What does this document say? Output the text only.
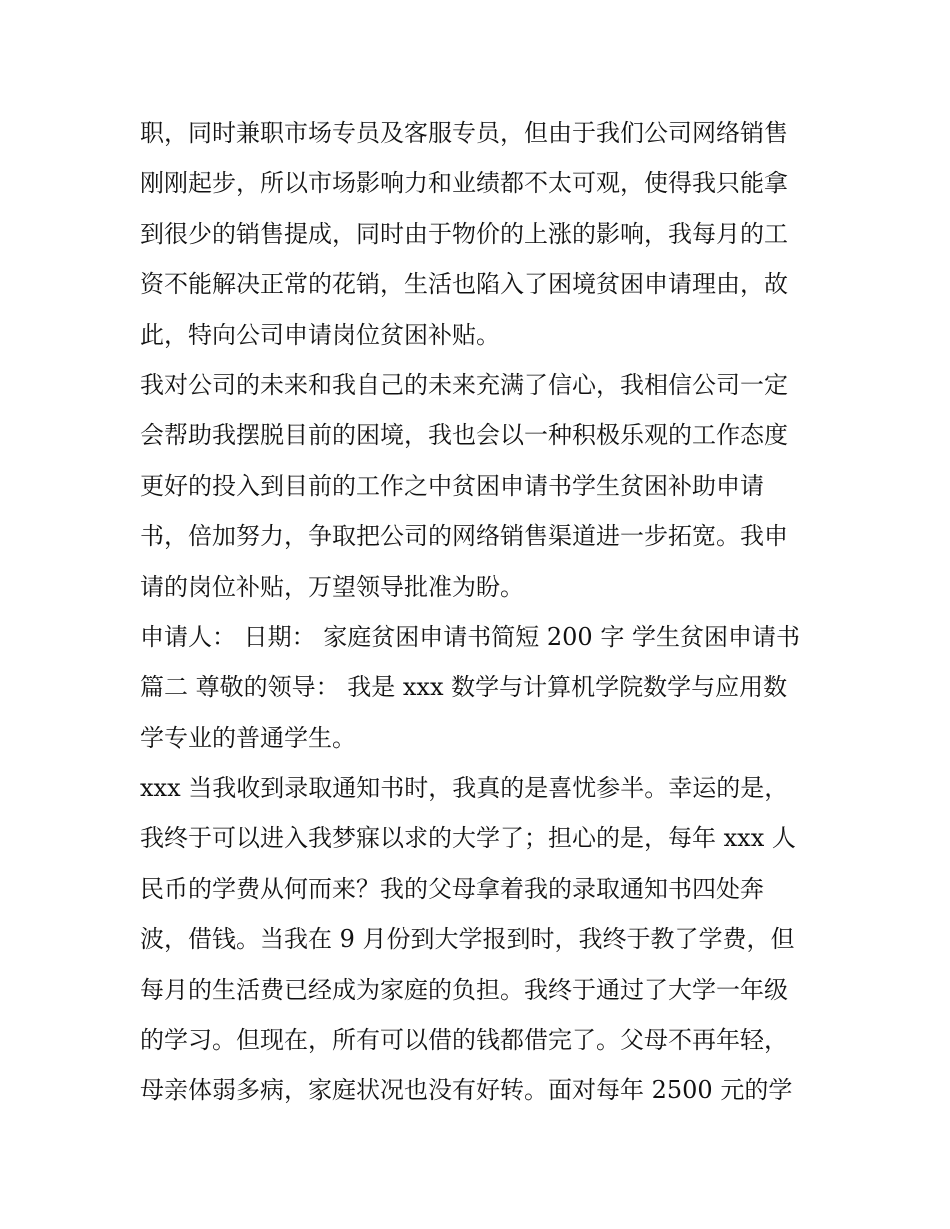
职，同时兼职市场专员及客服专员，但由于我们公司网络销售
刚刚起步，所以市场影响力和业绩都不太可观，使得我只能拿
到很少的销售提成，同时由于物价的上涨的影响，我每月的工
资不能解决正常的花销，生活也陷入了困境贫困申请理由，故
此，特向公司申请岗位贫困补贴。
我对公司的未来和我自己的未来充满了信心，我相信公司一定
会帮助我摆脱目前的困境，我也会以一种积极乐观的工作态度
更好的投入到目前的工作之中贫困申请书学生贫困补助申请
书，倍加努力，争取把公司的网络销售渠道进一步拓宽。我申
请的岗位补贴，万望领导批准为盼。
申请人： 日期： 家庭贫困申请书简短 200 字 学生贫困申请书
篇二 尊敬的领导： 我是 xxx 数学与计算机学院数学与应用数
学专业的普通学生。
xxx 当我收到录取通知书时，我真的是喜忧参半。幸运的是，
我终于可以进入我梦寐以求的大学了；担心的是，每年 xxx 人
民币的学费从何而来？我的父母拿着我的录取通知书四处奔
波，借钱。当我在 9 月份到大学报到时，我终于教了学费，但
每月的生活费已经成为家庭的负担。我终于通过了大学一年级
的学习。但现在，所有可以借的钱都借完了。父母不再年轻，
母亲体弱多病，家庭状况也没有好转。面对每年 2500 元的学
